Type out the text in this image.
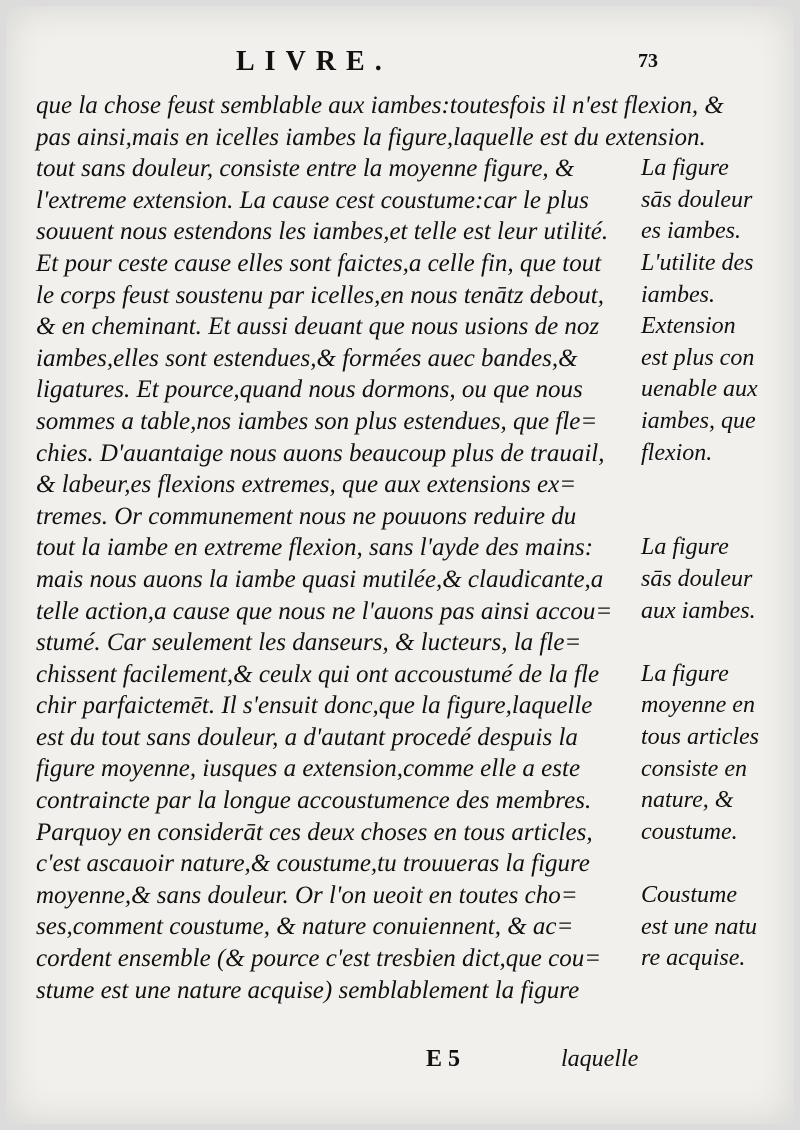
LIVRE.	73
que la chose feust semblable aux iambes:toutesfois il n'est flexion, &
pas ainsi,mais en icelles iambes la figure,laquelle est du extension.
tout sans douleur, consiste entre la moyenne figure, &
l'extreme extension. La cause cest coustume:car le plus
souuent nous estendons les iambes,et telle est leur utilité.
Et pour ceste cause elles sont faictes,a celle fin, que tout
le corps feust soustenu par icelles,en nous tenātz debout,
& en cheminant. Et aussi deuant que nous usions de noz
iambes,elles sont estendues,& formées auec bandes,&
ligatures. Et pource,quand nous dormons, ou que nous
sommes a table,nos iambes son plus estendues, que fle=
chies. D'auantaige nous auons beaucoup plus de trauail,
& labeur,es flexions extremes, que aux extensions ex=
tremes. Or communement nous ne pouuons reduire du
tout la iambe en extreme flexion, sans l'ayde des mains:
mais nous auons la iambe quasi mutilée,& claudicante,a
telle action,a cause que nous ne l'auons pas ainsi accou=
stumé. Car seulement les danseurs, & lucteurs, la fle=
chissent facilement,& ceulx qui ont accoustumé de la fle
chir parfaictemēt. Il s'ensuit donc,que la figure,laquelle
est du tout sans douleur, a d'autant procedé despuis la
figure moyenne, iusques a extension,comme elle a este
contraincte par la longue accoustumence des membres.
Parquoy en considerāt ces deux choses en tous articles,
c'est ascauoir nature,& coustume,tu trouueras la figure
moyenne,& sans douleur. Or l'on ueoit en toutes cho=
ses,comment coustume, & nature conuiennent, & ac=
cordent ensemble (& pource c'est tresbien dict,que cou=
stume est une nature acquise) semblablement la figure
La figure
sās douleur
es iambes.
L'utilite des
iambes.
Extension
est plus con
uenable aux
iambes, que
flexion.
La figure
sās douleur
aux iambes.
La figure
moyenne en
tous articles
consiste en
nature, &
coustume.
Coustume
est une natu
re acquise.
E 5	laquelle
